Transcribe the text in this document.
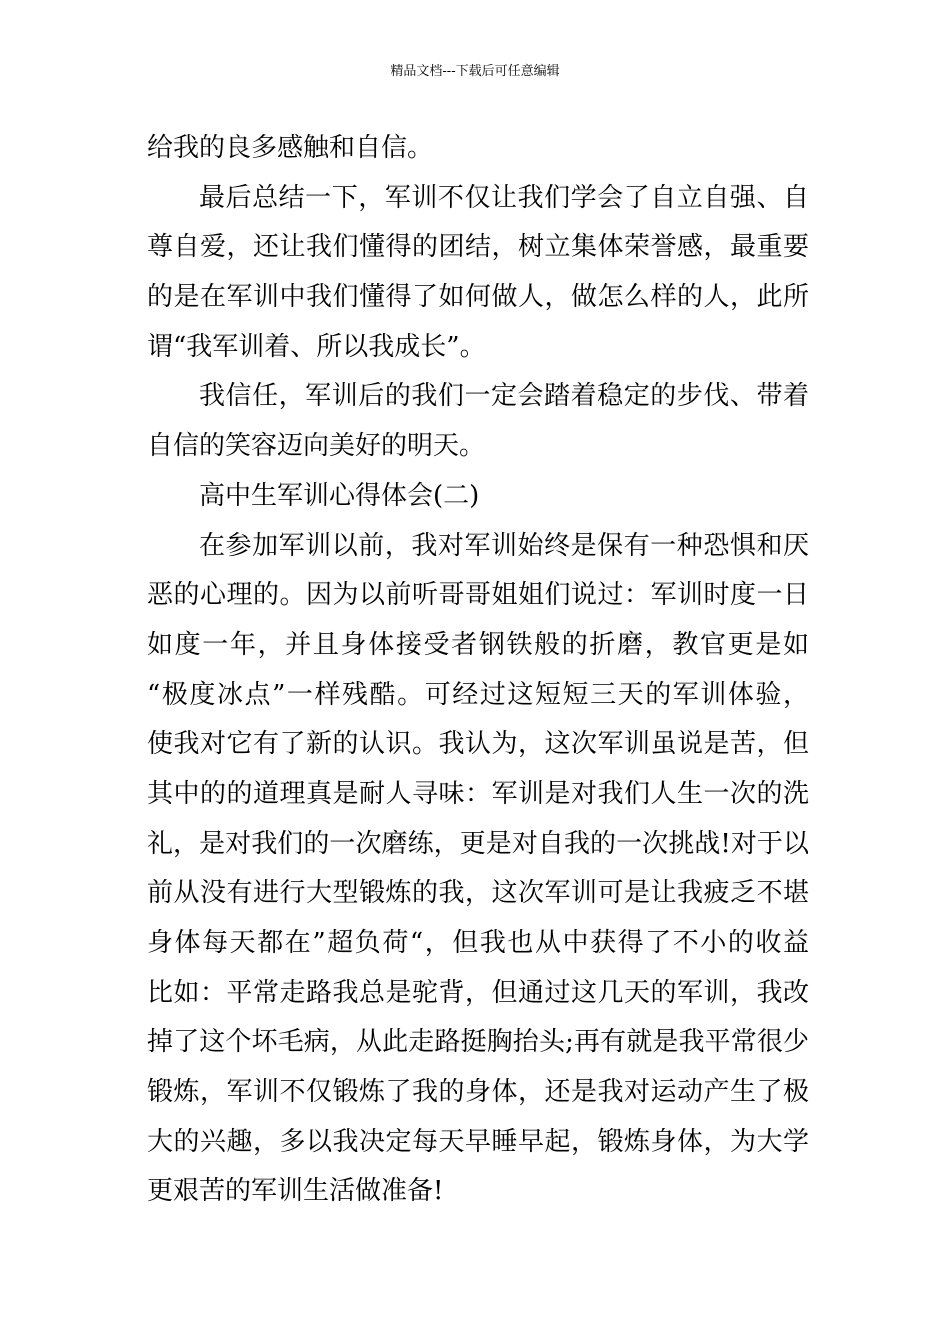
精品文档---下载后可任意编辑
给我的良多感触和自信。
最后总结一下，军训不仅让我们学会了自立自强、自
尊自爱，还让我们懂得的团结，树立集体荣誉感，最重要
的是在军训中我们懂得了如何做人，做怎么样的人，此所
谓“我军训着、所以我成长”。
我信任，军训后的我们一定会踏着稳定的步伐、带着
自信的笑容迈向美好的明天。
高中生军训心得体会(二)
在参加军训以前，我对军训始终是保有一种恐惧和厌
恶的心理的。因为以前听哥哥姐姐们说过：军训时度一日
如度一年，并且身体接受者钢铁般的折磨，教官更是如
“极度冰点”一样残酷。可经过这短短三天的军训体验，
使我对它有了新的认识。我认为，这次军训虽说是苦，但
其中的的道理真是耐人寻味：军训是对我们人生一次的洗
礼，是对我们的一次磨练，更是对自我的一次挑战!对于以
前从没有进行大型锻炼的我，这次军训可是让我疲乏不堪
身体每天都在”超负荷“，但我也从中获得了不小的收益
比如：平常走路我总是驼背，但通过这几天的军训，我改
掉了这个坏毛病，从此走路挺胸抬头;再有就是我平常很少
锻炼，军训不仅锻炼了我的身体，还是我对运动产生了极
大的兴趣，多以我决定每天早睡早起，锻炼身体，为大学
更艰苦的军训生活做准备!
